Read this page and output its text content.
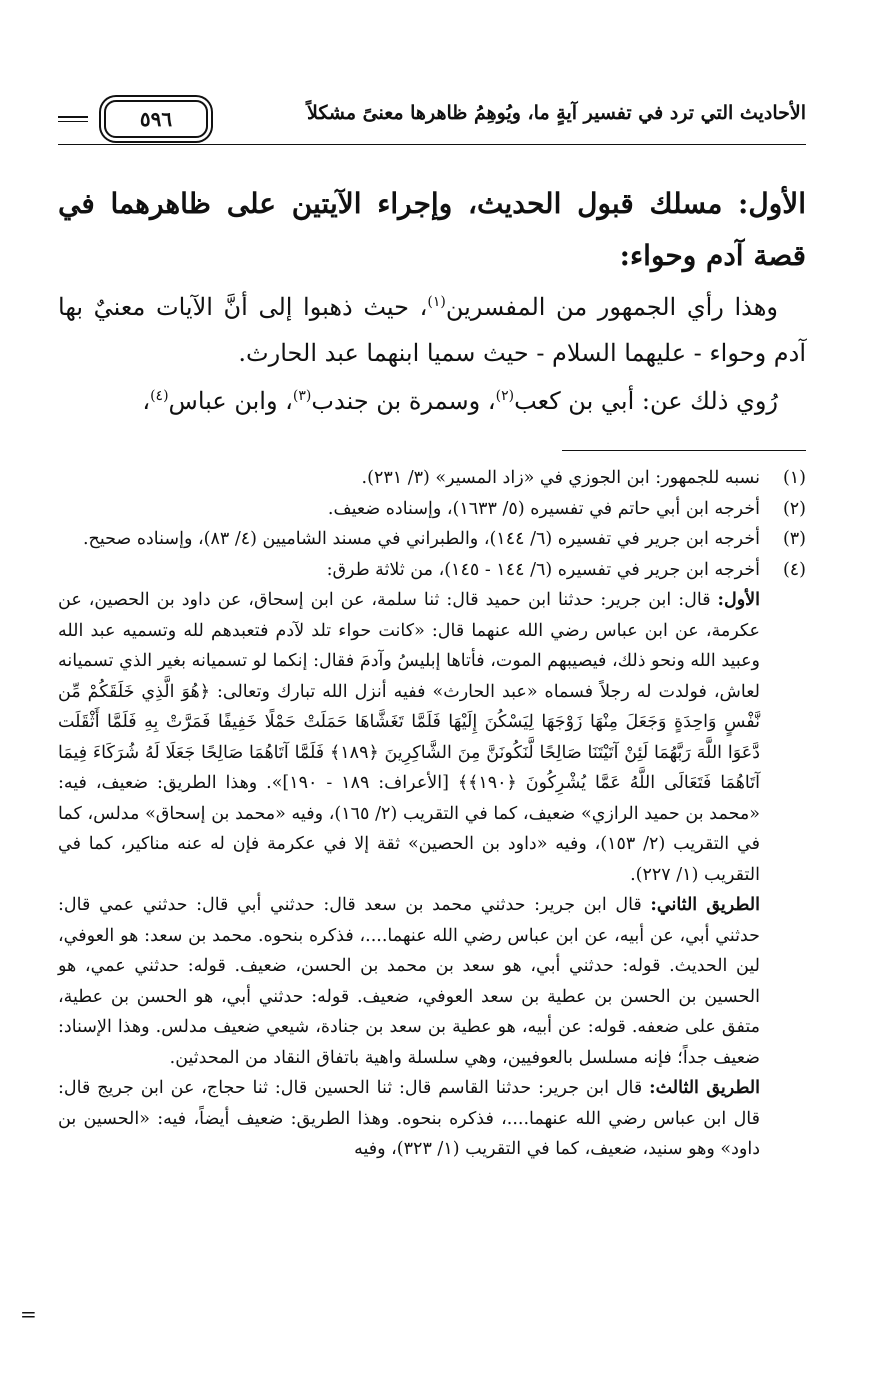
الأحاديث التي ترد في تفسير آيةٍ ما، ويُوهِمُ ظاهرها معنىً مشكلاً
٥٩٦
الأول: مسلك قبول الحديث، وإجراء الآيتين على ظاهرهما في قصة آدم وحواء:

وهذا رأي الجمهور من المفسرين$^{(١)}$، حيث ذهبوا إلى أنَّ الآيات معنيٌ بها آدم وحواء - عليهما السلام - حيث سميا ابنهما عبد الحارث.

رُوي ذلك عن: أبي بن كعب$^{(٢)}$، وسمرة بن جندب$^{(٣)}$، وابن عباس$^{(٤)}$،

(١)
نسبه للجمهور: ابن الجوزي في «زاد المسير» (٣/ ٢٣١).
(٢)
أخرجه ابن أبي حاتم في تفسيره (٥/ ١٦٣٣)، وإسناده ضعيف.
(٣)
أخرجه ابن جرير في تفسيره (٦/ ١٤٤)، والطبراني في مسند الشاميين (٤/ ٨٣)، وإسناده صحيح.
(٤)
أخرجه ابن جرير في تفسيره (٦/ ١٤٤ - ١٤٥)، من ثلاثة طرق:
الأول: قال: ابن جرير: حدثنا ابن حميد قال: ثنا سلمة، عن ابن إسحاق، عن داود بن الحصين، عن عكرمة، عن ابن عباس رضي الله عنهما قال: «كانت حواء تلد لآدم فتعبدهم لله وتسميه عبد الله وعبيد الله ونحو ذلك، فيصيبهم الموت، فأتاها إبليسُ وآدمَ فقال: إنكما لو تسميانه بغير الذي تسميانه لعاش، فولدت له رجلاً فسماه «عبد الحارث» ففيه أنزل الله تبارك وتعالى: ﴿هُوَ الَّذِي خَلَقَكُمْ مِّن نَّفْسٍ وَاحِدَةٍ وَجَعَلَ مِنْهَا زَوْجَهَا لِيَسْكُنَ إِلَيْهَا فَلَمَّا تَغَشَّاهَا حَمَلَتْ حَمْلًا خَفِيفًا فَمَرَّتْ بِهِ فَلَمَّا أَثْقَلَت دَّعَوَا اللَّهَ رَبَّهُمَا لَئِنْ آتَيْتَنَا صَالِحًا لَّنَكُونَنَّ مِنَ الشَّاكِرِينَ ﴿١٨٩﴾ فَلَمَّا آتَاهُمَا صَالِحًا جَعَلَا لَهُ شُرَكَاءَ فِيمَا آتَاهُمَا فَتَعَالَى اللَّهُ عَمَّا يُشْرِكُونَ ﴿١٩٠﴾﴾ [الأعراف: ١٨٩ - ١٩٠]». وهذا الطريق: ضعيف، فيه: «محمد بن حميد الرازي» ضعيف، كما في التقريب (٢/ ١٦٥)، وفيه «محمد بن إسحاق» مدلس، كما في التقريب (٢/ ١٥٣)، وفيه «داود بن الحصين» ثقة إلا في عكرمة فإن له عنه مناكير، كما في التقريب (١/ ٢٢٧).
الطريق الثاني: قال ابن جرير: حدثني محمد بن سعد قال: حدثني أبي قال: حدثني عمي قال: حدثني أبي، عن أبيه، عن ابن عباس رضي الله عنهما....، فذكره بنحوه. محمد بن سعد: هو العوفي، لين الحديث. قوله: حدثني أبي، هو سعد بن محمد بن الحسن، ضعيف. قوله: حدثني عمي، هو الحسين بن الحسن بن عطية بن سعد العوفي، ضعيف. قوله: حدثني أبي، هو الحسن بن عطية، متفق على ضعفه. قوله: عن أبيه، هو عطية بن سعد بن جنادة، شيعي ضعيف مدلس. وهذا الإسناد: ضعيف جداً؛ فإنه مسلسل بالعوفيين، وهي سلسلة واهية باتفاق النقاد من المحدثين.
الطريق الثالث: قال ابن جرير: حدثنا القاسم قال: ثنا الحسين قال: ثنا حجاج، عن ابن جريج قال: قال ابن عباس رضي الله عنهما....، فذكره بنحوه. وهذا الطريق: ضعيف أيضاً، فيه: «الحسين بن داود» وهو سنيد، ضعيف، كما في التقريب (١/ ٣٢٣)، وفيه
=
